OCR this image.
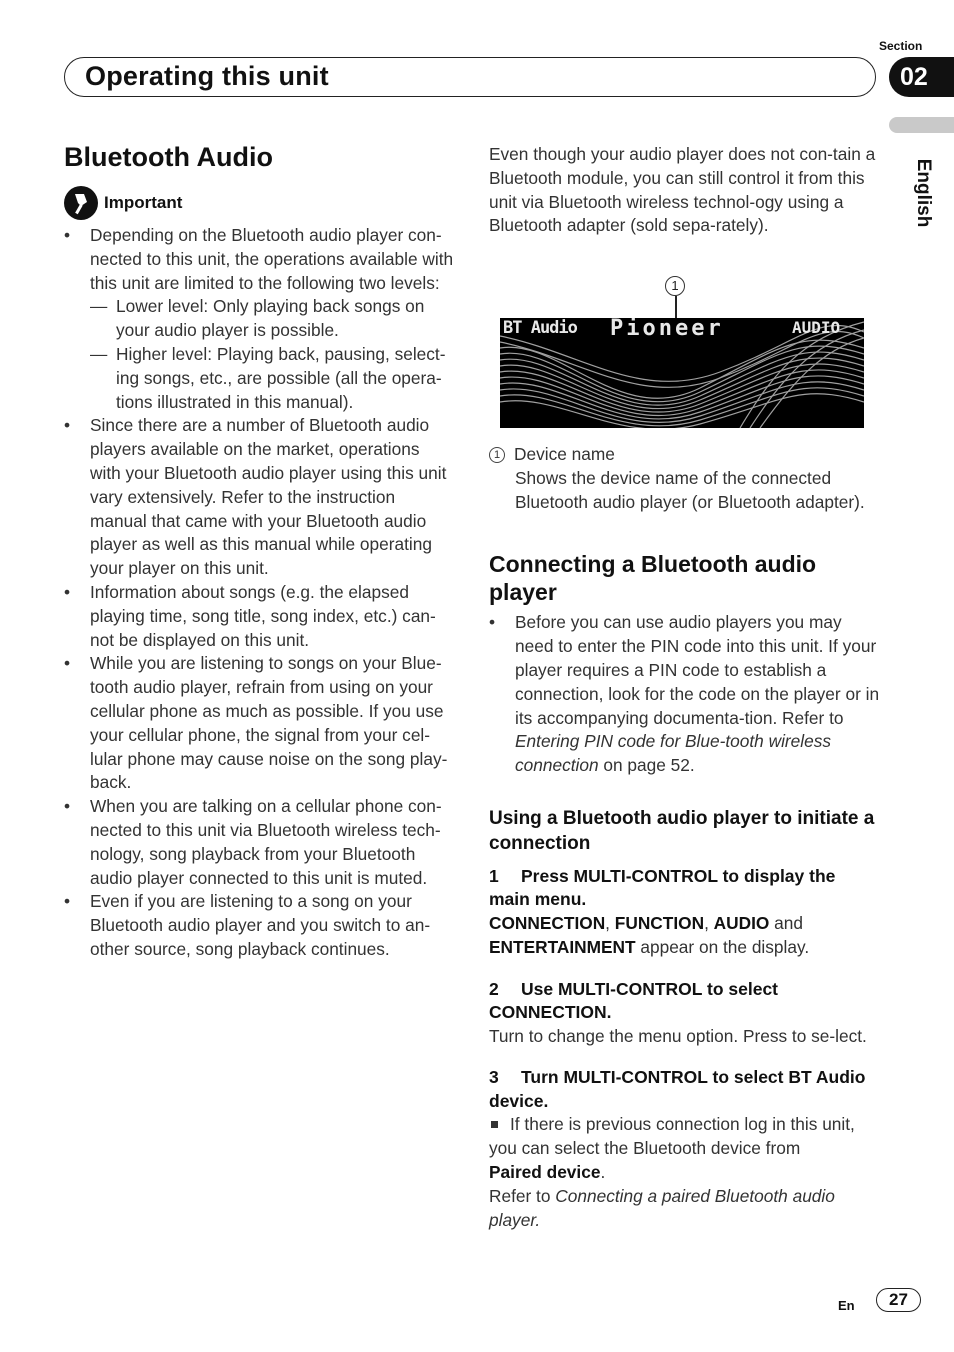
Section
Operating this unit	02
English
Bluetooth Audio
Important
• Depending on the Bluetooth audio player con-nected to this unit, the operations available with this unit are limited to the following two levels:
— Lower level: Only playing back songs on your audio player is possible.
— Higher level: Playing back, pausing, select-ing songs, etc., are possible (all the opera-tions illustrated in this manual).
• Since there are a number of Bluetooth audio players available on the market, operations with your Bluetooth audio player using this unit vary extensively. Refer to the instruction manual that came with your Bluetooth audio player as well as this manual while operating your player on this unit.
• Information about songs (e.g. the elapsed playing time, song title, song index, etc.) can-not be displayed on this unit.
• While you are listening to songs on your Blue-tooth audio player, refrain from using on your cellular phone as much as possible. If you use your cellular phone, the signal from your cel-lular phone may cause noise on the song play-back.
• When you are talking on a cellular phone con-nected to this unit via Bluetooth wireless tech-nology, song playback from your Bluetooth audio player connected to this unit is muted.
• Even if you are listening to a song on your Bluetooth audio player and you switch to an-other source, song playback continues.
Even though your audio player does not con-tain a Bluetooth module, you can still control it from this unit via Bluetooth wireless technol-ogy using a Bluetooth adapter (sold sepa-rately).
1
BT Audio Pioneer	AUDIO
1 Device name
Shows the device name of the connected Bluetooth audio player (or Bluetooth adapter).
Connecting a Bluetooth audio player
• Before you can use audio players you may need to enter the PIN code into this unit. If your player requires a PIN code to establish a connection, look for the code on the player or in its accompanying documenta-tion. Refer to Entering PIN code for Blue-tooth wireless connection on page 52.
Using a Bluetooth audio player to initiate a connection
1 Press MULTI-CONTROL to display the main menu.
CONNECTION, FUNCTION, AUDIO and
ENTERTAINMENT appear on the display.
2 Use MULTI-CONTROL to select CONNECTION.
Turn to change the menu option. Press to se-lect.
3 Turn MULTI-CONTROL to select BT Audio device.
If there is previous connection log in this unit, you can select the Bluetooth device from
Paired device.
Refer to Connecting a paired Bluetooth audio player.
En	27
